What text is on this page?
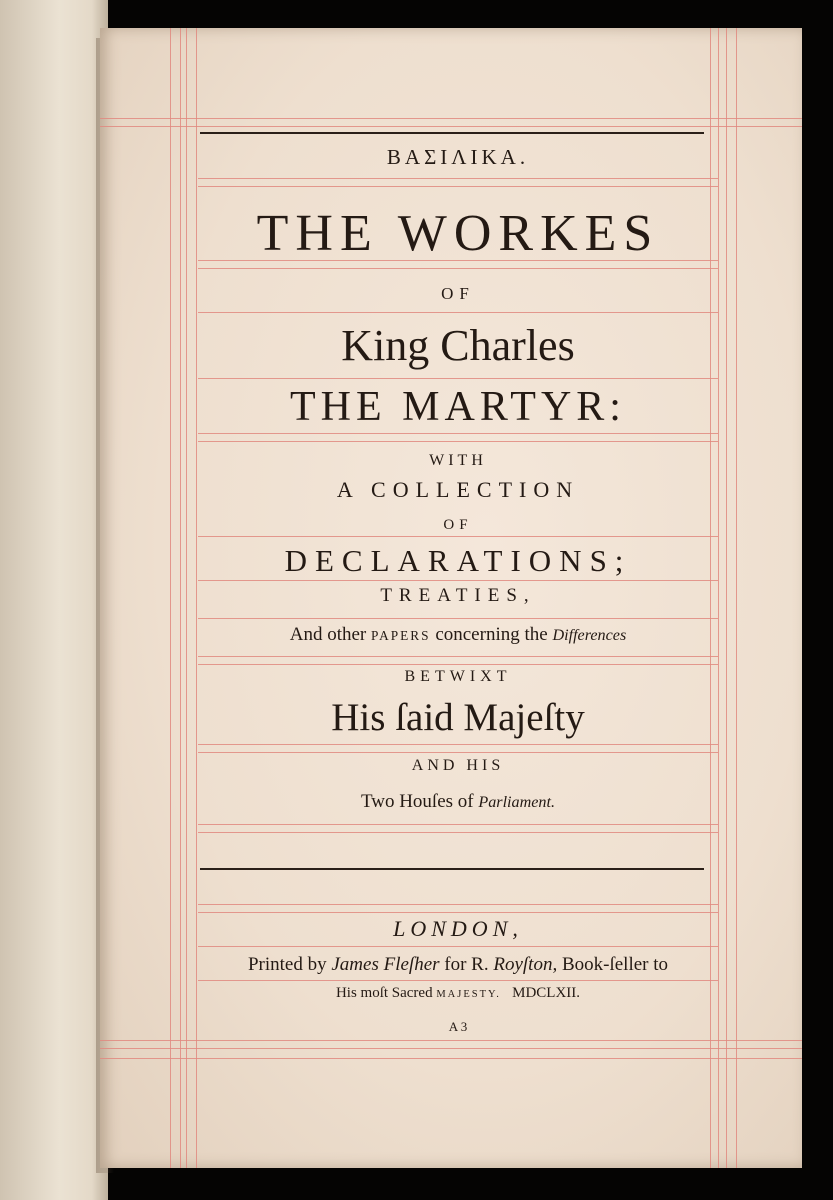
ΒΑΣΙΛΙΚΑ.
THE WORKES
OF
King Charles
THE MARTYR:
WITH
A COLLECTION
OF
DECLARATIONS;
TREATIES,
And other PAPERS concerning the Differences
BETWIXT
His ſaid Majeſty
AND HIS
Two Houſes of Parliament.
LONDON,
Printed by James Fleſher for R. Royſton, Book-ſeller to
His moſt Sacred MAJESTY.   MDCLXII.
A 3
